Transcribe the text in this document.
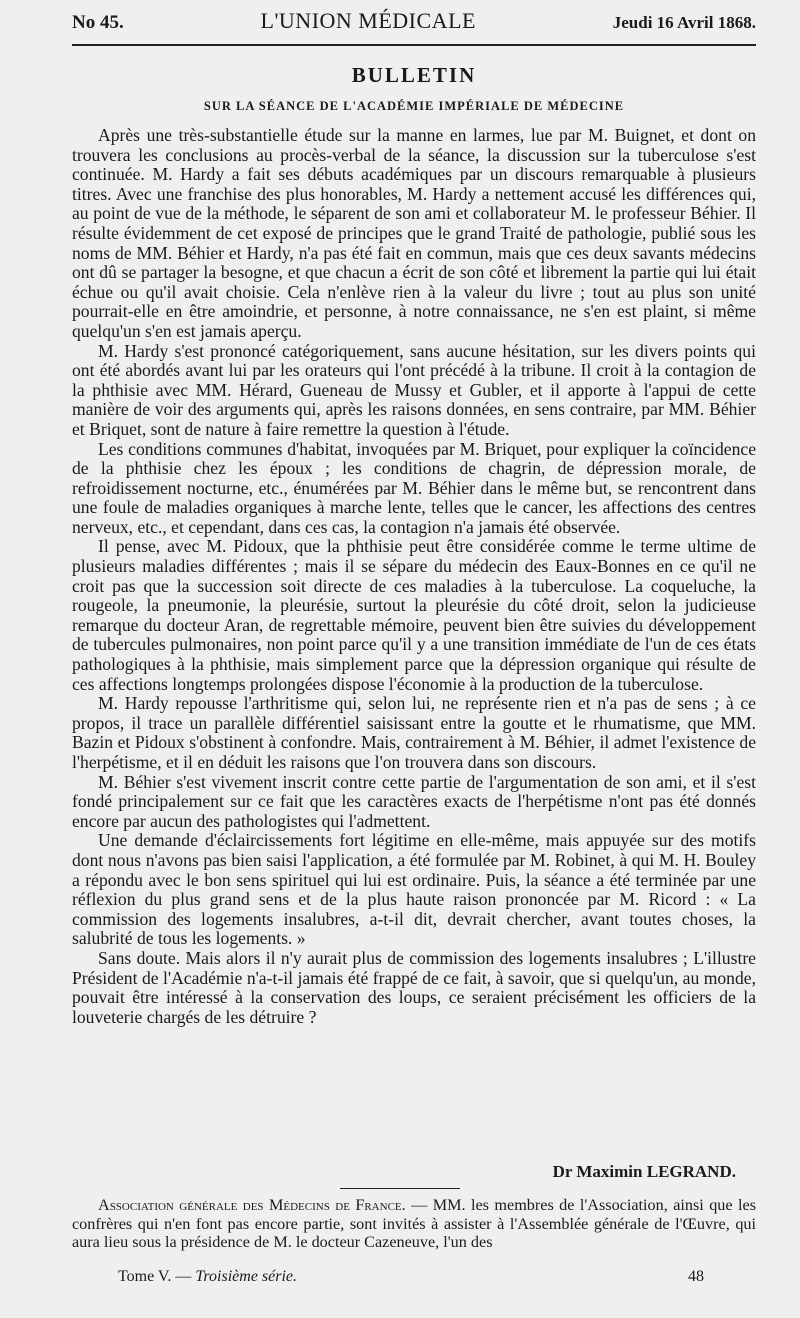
No 45.	L'UNION MÉDICALE	Jeudi 16 Avril 1868.
BULLETIN
SUR LA SÉANCE DE L'ACADÉMIE IMPÉRIALE DE MÉDECINE

Après une très-substantielle étude sur la manne en larmes, lue par M. Buignet, et dont on trouvera les conclusions au procès-verbal de la séance, la discussion sur la tuberculose s'est continuée. M. Hardy a fait ses débuts académiques par un discours remarquable à plusieurs titres. Avec une franchise des plus honorables, M. Hardy a nettement accusé les différences qui, au point de vue de la méthode, le séparent de son ami et collaborateur M. le professeur Béhier. Il résulte évidemment de cet exposé de principes que le grand Traité de pathologie, publié sous les noms de MM. Béhier et Hardy, n'a pas été fait en commun, mais que ces deux savants médecins ont dû se partager la besogne, et que chacun a écrit de son côté et librement la partie qui lui était échue ou qu'il avait choisie. Cela n'enlève rien à la valeur du livre ; tout au plus son unité pourrait-elle en être amoindrie, et personne, à notre connaissance, ne s'en est plaint, si même quelqu'un s'en est jamais aperçu.

M. Hardy s'est prononcé catégoriquement, sans aucune hésitation, sur les divers points qui ont été abordés avant lui par les orateurs qui l'ont précédé à la tribune. Il croit à la contagion de la phthisie avec MM. Hérard, Gueneau de Mussy et Gubler, et il apporte à l'appui de cette manière de voir des arguments qui, après les raisons données, en sens contraire, par MM. Béhier et Briquet, sont de nature à faire remettre la question à l'étude.

Les conditions communes d'habitat, invoquées par M. Briquet, pour expliquer la coïncidence de la phthisie chez les époux ; les conditions de chagrin, de dépression morale, de refroidissement nocturne, etc., énumérées par M. Béhier dans le même but, se rencontrent dans une foule de maladies organiques à marche lente, telles que le cancer, les affections des centres nerveux, etc., et cependant, dans ces cas, la contagion n'a jamais été observée.

Il pense, avec M. Pidoux, que la phthisie peut être considérée comme le terme ultime de plusieurs maladies différentes ; mais il se sépare du médecin des Eaux-Bonnes en ce qu'il ne croit pas que la succession soit directe de ces maladies à la tuberculose. La coqueluche, la rougeole, la pneumonie, la pleurésie, surtout la pleurésie du côté droit, selon la judicieuse remarque du docteur Aran, de regrettable mémoire, peuvent bien être suivies du développement de tubercules pulmonaires, non point parce qu'il y a une transition immédiate de l'un de ces états pathologiques à la phthisie, mais simplement parce que la dépression organique qui résulte de ces affections longtemps prolongées dispose l'économie à la production de la tuberculose.

M. Hardy repousse l'arthritisme qui, selon lui, ne représente rien et n'a pas de sens ; à ce propos, il trace un parallèle différentiel saisissant entre la goutte et le rhumatisme, que MM. Bazin et Pidoux s'obstinent à confondre. Mais, contrairement à M. Béhier, il admet l'existence de l'herpétisme, et il en déduit les raisons que l'on trouvera dans son discours.

M. Béhier s'est vivement inscrit contre cette partie de l'argumentation de son ami, et il s'est fondé principalement sur ce fait que les caractères exacts de l'herpétisme n'ont pas été donnés encore par aucun des pathologistes qui l'admettent.

Une demande d'éclaircissements fort légitime en elle-même, mais appuyée sur des motifs dont nous n'avons pas bien saisi l'application, a été formulée par M. Robinet, à qui M. H. Bouley a répondu avec le bon sens spirituel qui lui est ordinaire. Puis, la séance a été terminée par une réflexion du plus grand sens et de la plus haute raison prononcée par M. Ricord : « La commission des logements insalubres, a-t-il dit, devrait chercher, avant toutes choses, la salubrité de tous les logements. »

Sans doute. Mais alors il n'y aurait plus de commission des logements insalubres ; L'illustre Président de l'Académie n'a-t-il jamais été frappé de ce fait, à savoir, que si quelqu'un, au monde, pouvait être intéressé à la conservation des loups, ce seraient précisément les officiers de la louveterie chargés de les détruire ?

Dr Maximin LEGRAND.

Association générale des Médecins de France. — MM. les membres de l'Association, ainsi que les confrères qui n'en font pas encore partie, sont invités à assister à l'Assemblée générale de l'Œuvre, qui aura lieu sous la présidence de M. le docteur Cazeneuve, l'un des

Tome V. — Troisième série.	48
